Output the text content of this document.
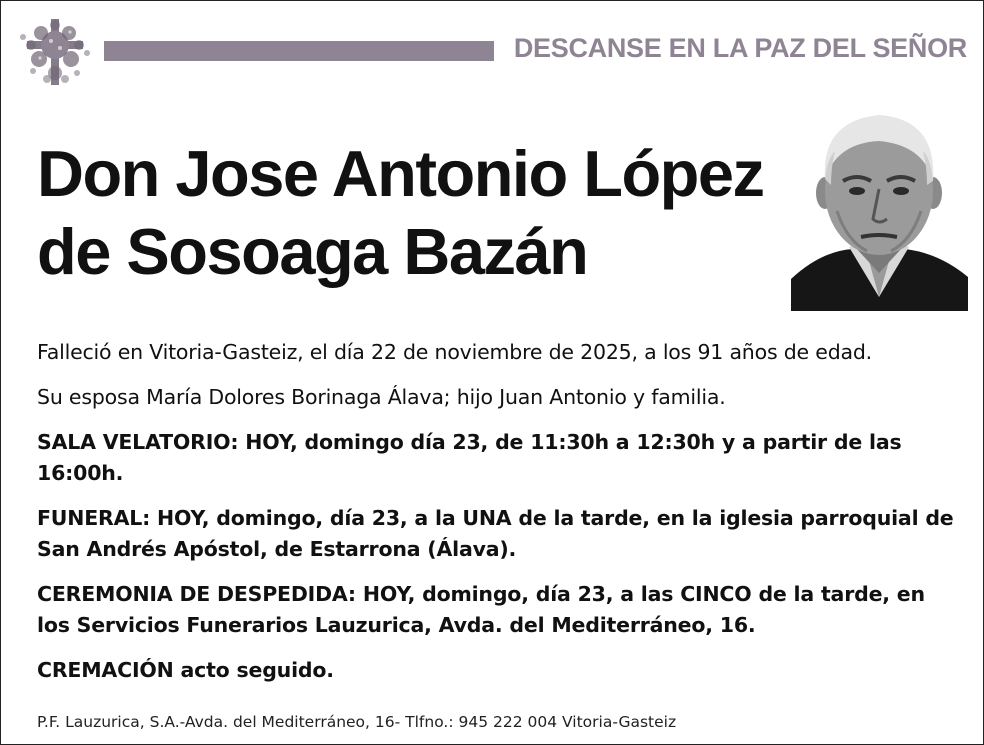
DESCANSE EN LA PAZ DEL SEÑOR
Don Jose Antonio López
de Sosoaga Bazán

Falleció en Vitoria-Gasteiz, el día 22 de noviembre de 2025, a los 91 años de edad.

Su esposa María Dolores Borinaga Álava; hijo Juan Antonio y familia.

SALA VELATORIO: HOY, domingo día 23, de 11:30h a 12:30h y a partir de las 16:00h.

FUNERAL: HOY, domingo, día 23, a la UNA de la tarde, en la iglesia parroquial de San Andrés Apóstol, de Estarrona (Álava).

CEREMONIA DE DESPEDIDA: HOY, domingo, día 23, a las CINCO de la tarde, en los Servicios Funerarios Lauzurica, Avda. del Mediterráneo, 16.

CREMACIÓN acto seguido.

P.F. Lauzurica, S.A.-Avda. del Mediterráneo, 16- Tlfno.: 945 222 004 Vitoria-Gasteiz
